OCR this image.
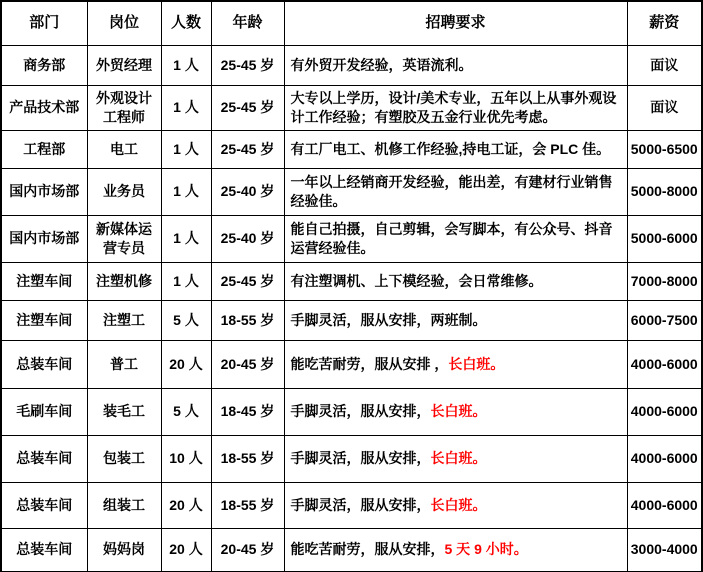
部门	岗位	人数	年龄	招聘要求	薪资
商务部	外贸经理	1 人	25-45 岁	有外贸开发经验，英语流利。	面议
产品技术部	外观设计工程师	1 人	25-45 岁	大专以上学历，设计/美术专业，五年以上从事外观设计工作经验；有塑胶及五金行业优先考虑。	面议
工程部	电工	1 人	25-45 岁	有工厂电工、机修工作经验,持电工证，会 PLC 佳。	5000-6500
国内市场部	业务员	1 人	25-40 岁	一年以上经销商开发经验，能出差，有建材行业销售经验佳。	5000-8000
国内市场部	新媒体运营专员	1 人	25-40 岁	能自己拍摄，自己剪辑，会写脚本，有公众号、抖音运营经验佳。	5000-6000
注塑车间	注塑机修	1 人	25-45 岁	有注塑调机、上下模经验，会日常维修。	7000-8000
注塑车间	注塑工	5 人	18-55 岁	手脚灵活，服从安排，两班制。	6000-7500
总装车间	普工	20 人	20-45 岁	能吃苦耐劳，服从安排 ，长白班。	4000-6000
毛刷车间	装毛工	5 人	18-45 岁	手脚灵活，服从安排，长白班。	4000-6000
总装车间	包装工	10 人	18-55 岁	手脚灵活，服从安排，长白班。	4000-6000
总装车间	组装工	20 人	18-55 岁	手脚灵活，服从安排，长白班。	4000-6000
总装车间	妈妈岗	20 人	20-45 岁	能吃苦耐劳，服从安排，5 天 9 小时。	3000-4000
